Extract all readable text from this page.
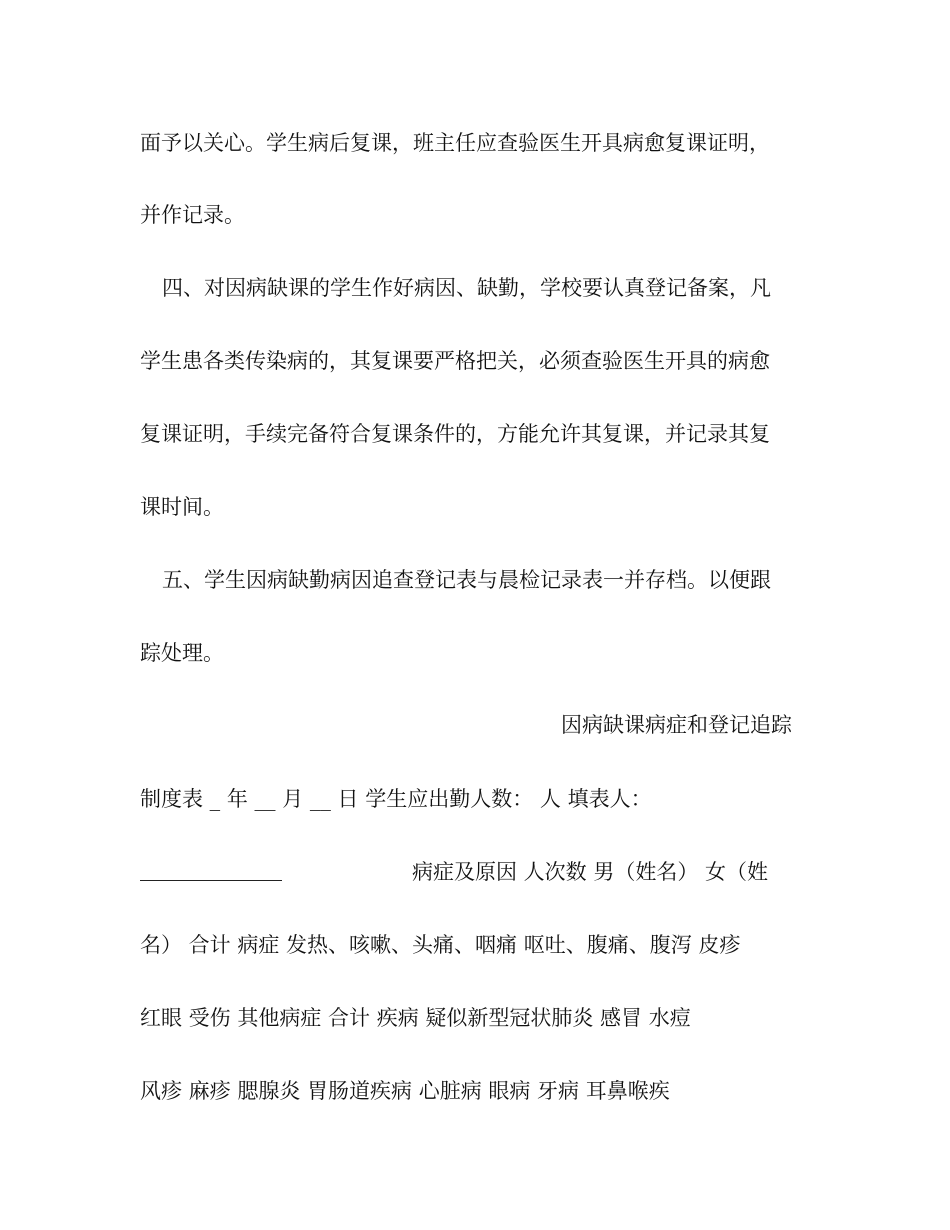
面予以关心。学生病后复课，班主任应查验医生开具病愈复课证明，
并作记录。
四、对因病缺课的学生作好病因、缺勤，学校要认真登记备案，凡
学生患各类传染病的，其复课要严格把关，必须查验医生开具的病愈
复课证明，手续完备符合复课条件的，方能允许其复课，并记录其复
课时间。
五、学生因病缺勤病因追查登记表与晨检记录表一并存档。以便跟
踪处理。
因病缺课病症和登记追踪
制度表 _ 年 __ 月 __ 日 学生应出勤人数： 人 填表人：
病症及原因 人次数 男（姓名） 女（姓
名） 合计 病症 发热、咳嗽、头痛、咽痛 呕吐、腹痛、腹泻 皮疹
红眼 受伤 其他病症 合计 疾病 疑似新型冠状肺炎 感冒 水痘
风疹 麻疹 腮腺炎 胃肠道疾病 心脏病 眼病 牙病 耳鼻喉疾
